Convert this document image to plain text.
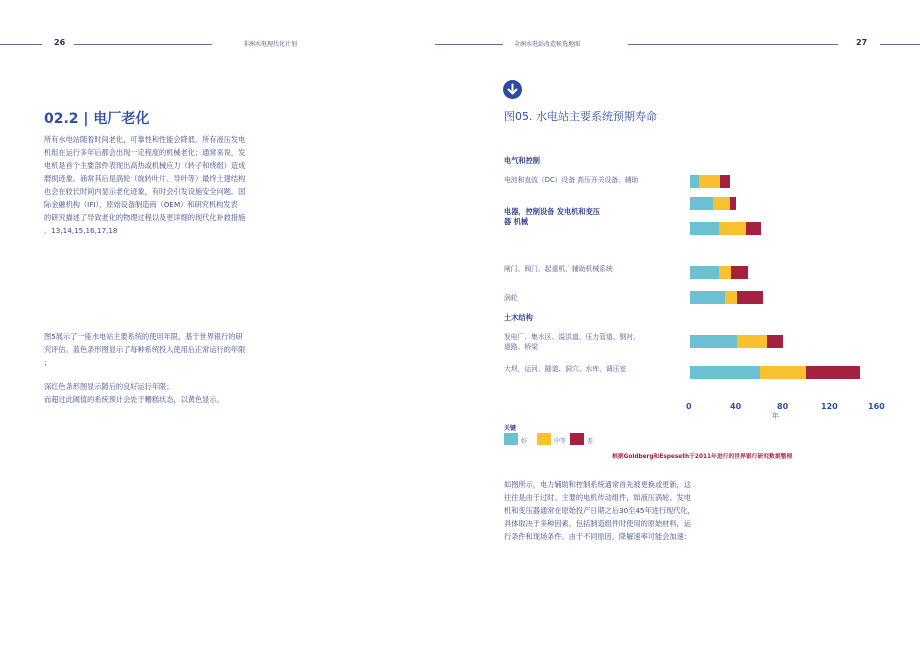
26	非洲水电现代化计划	全洲水电站改造候选地图	27
02.2 | 电厂老化
所有水电站随着时间老化，可靠性和性能会降低。所有液压发电
机组在运行多年后都会出现一定程度的机械老化；通常来说，发
电机是首个主要部件表现出高热或机械应力（转子和绕组）造成
磨损迹象。涌常其后是涡轮（旋转叶片、导叶等）最终土建结构
也会在较长时间内显示老化迹象，有时会引发设施安全问题。国
际金融机构（IFI）、原始设备制造商（OEM）和研究机构发表
的研究描述了导致老化的物理过程以及更详细的现代化补救措施
。13,14,15,16,17,18
图5展示了一座水电站主要系统的使用年限，基于世界银行的研
究评估。蓝色条形图显示了每种系统投入使用后正常运行的年限
；
深红色条形图显示随后的良好运行年限；
而超过此阈值的系统预计会处于糟糕状态，以黄色显示。
图05. 水电站主要系统预期寿命
电气和控制
电池和直流（DC）设备 高压开关设备、辅助
电器，控制设备 发电机和变压
器 机械
闸门、阀门、起重机、辅助机械系统
涡轮
土木结构
发电厂、集水区、溢洪道、压力管道、钢衬、
道路、桥梁
大坝，运河、隧道、洞穴、水库、调压室
0	40	80	120	160
年
关键
好	中等	差
根据Goldberg和Espeseth于2011年进行的世界银行研究数据整理
如图所示，电力辅助和控制系统通常首先被更换或更新，这
往往是由于过时。主要的电机传动组件，如液压涡轮、发电
机和变压器通常在原始投产日期之后30至45年进行现代化，
具体取决于多种因素，包括制造组件时使用的原始材料，运
行条件和现场条件。由于不同原因，降解速率可能会加速：
